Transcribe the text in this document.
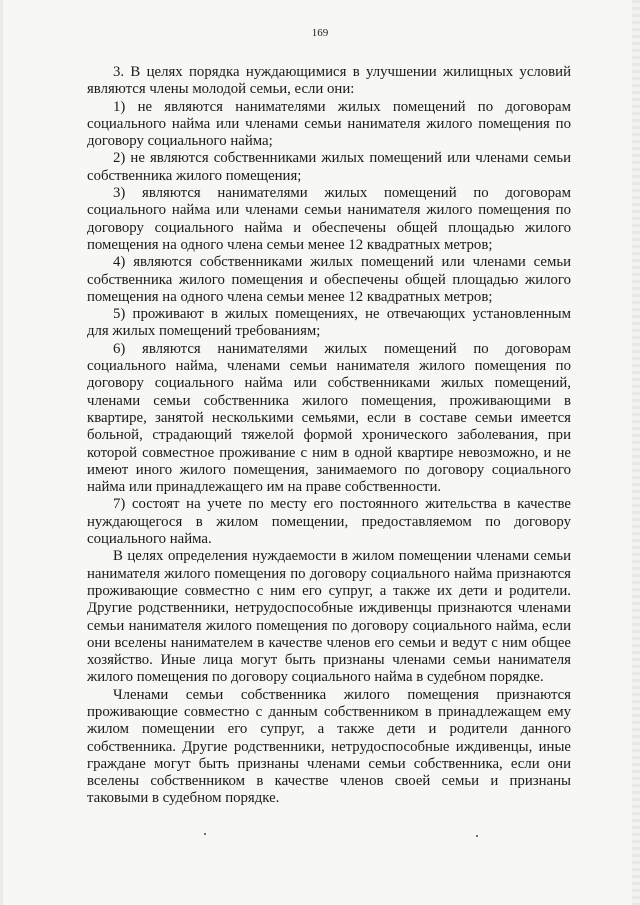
169

3. В целях порядка нуждающимися в улучшении жилищных условий являются члены молодой семьи, если они:

1) не являются нанимателями жилых помещений по договорам социального найма или членами семьи нанимателя жилого помещения по договору социального найма;

2) не являются собственниками жилых помещений или членами семьи собственника жилого помещения;

3) являются нанимателями жилых помещений по договорам социального найма или членами семьи нанимателя жилого помещения по договору социального найма и обеспечены общей площадью жилого помещения на одного члена семьи менее 12 квадратных метров;

4) являются собственниками жилых помещений или членами семьи собственника жилого помещения и обеспечены общей площадью жилого помещения на одного члена семьи менее 12 квадратных метров;

5) проживают в жилых помещениях, не отвечающих установленным для жилых помещений требованиям;

6) являются нанимателями жилых помещений по договорам социального найма, членами семьи нанимателя жилого помещения по договору социального найма или собственниками жилых помещений, членами семьи собственника жилого помещения, проживающими в квартире, занятой несколькими семьями, если в составе семьи имеется больной, страдающий тяжелой формой хронического заболевания, при которой совместное проживание с ним в одной квартире невозможно, и не имеют иного жилого помещения, занимаемого по договору социального найма или принадлежащего им на праве собственности.

7) состоят на учете по месту его постоянного жительства в качестве нуждающегося в жилом помещении, предоставляемом по договору социального найма.

В целях определения нуждаемости в жилом помещении членами семьи нанимателя жилого помещения по договору социального найма признаются проживающие совместно с ним его супруг, а также их дети и родители. Другие родственники, нетрудоспособные иждивенцы признаются членами семьи нанимателя жилого помещения по договору социального найма, если они вселены нанимателем в качестве членов его семьи и ведут с ним общее хозяйство. Иные лица могут быть признаны членами семьи нанимателя жилого помещения по договору социального найма в судебном порядке.

Членами семьи собственника жилого помещения признаются проживающие совместно с данным собственником в принадлежащем ему жилом помещении его супруг, а также дети и родители данного собственника. Другие родственники, нетрудоспособные иждивенцы, иные граждане могут быть признаны членами семьи собственника, если они вселены собственником в качестве членов своей семьи и признаны таковыми в судебном порядке.
